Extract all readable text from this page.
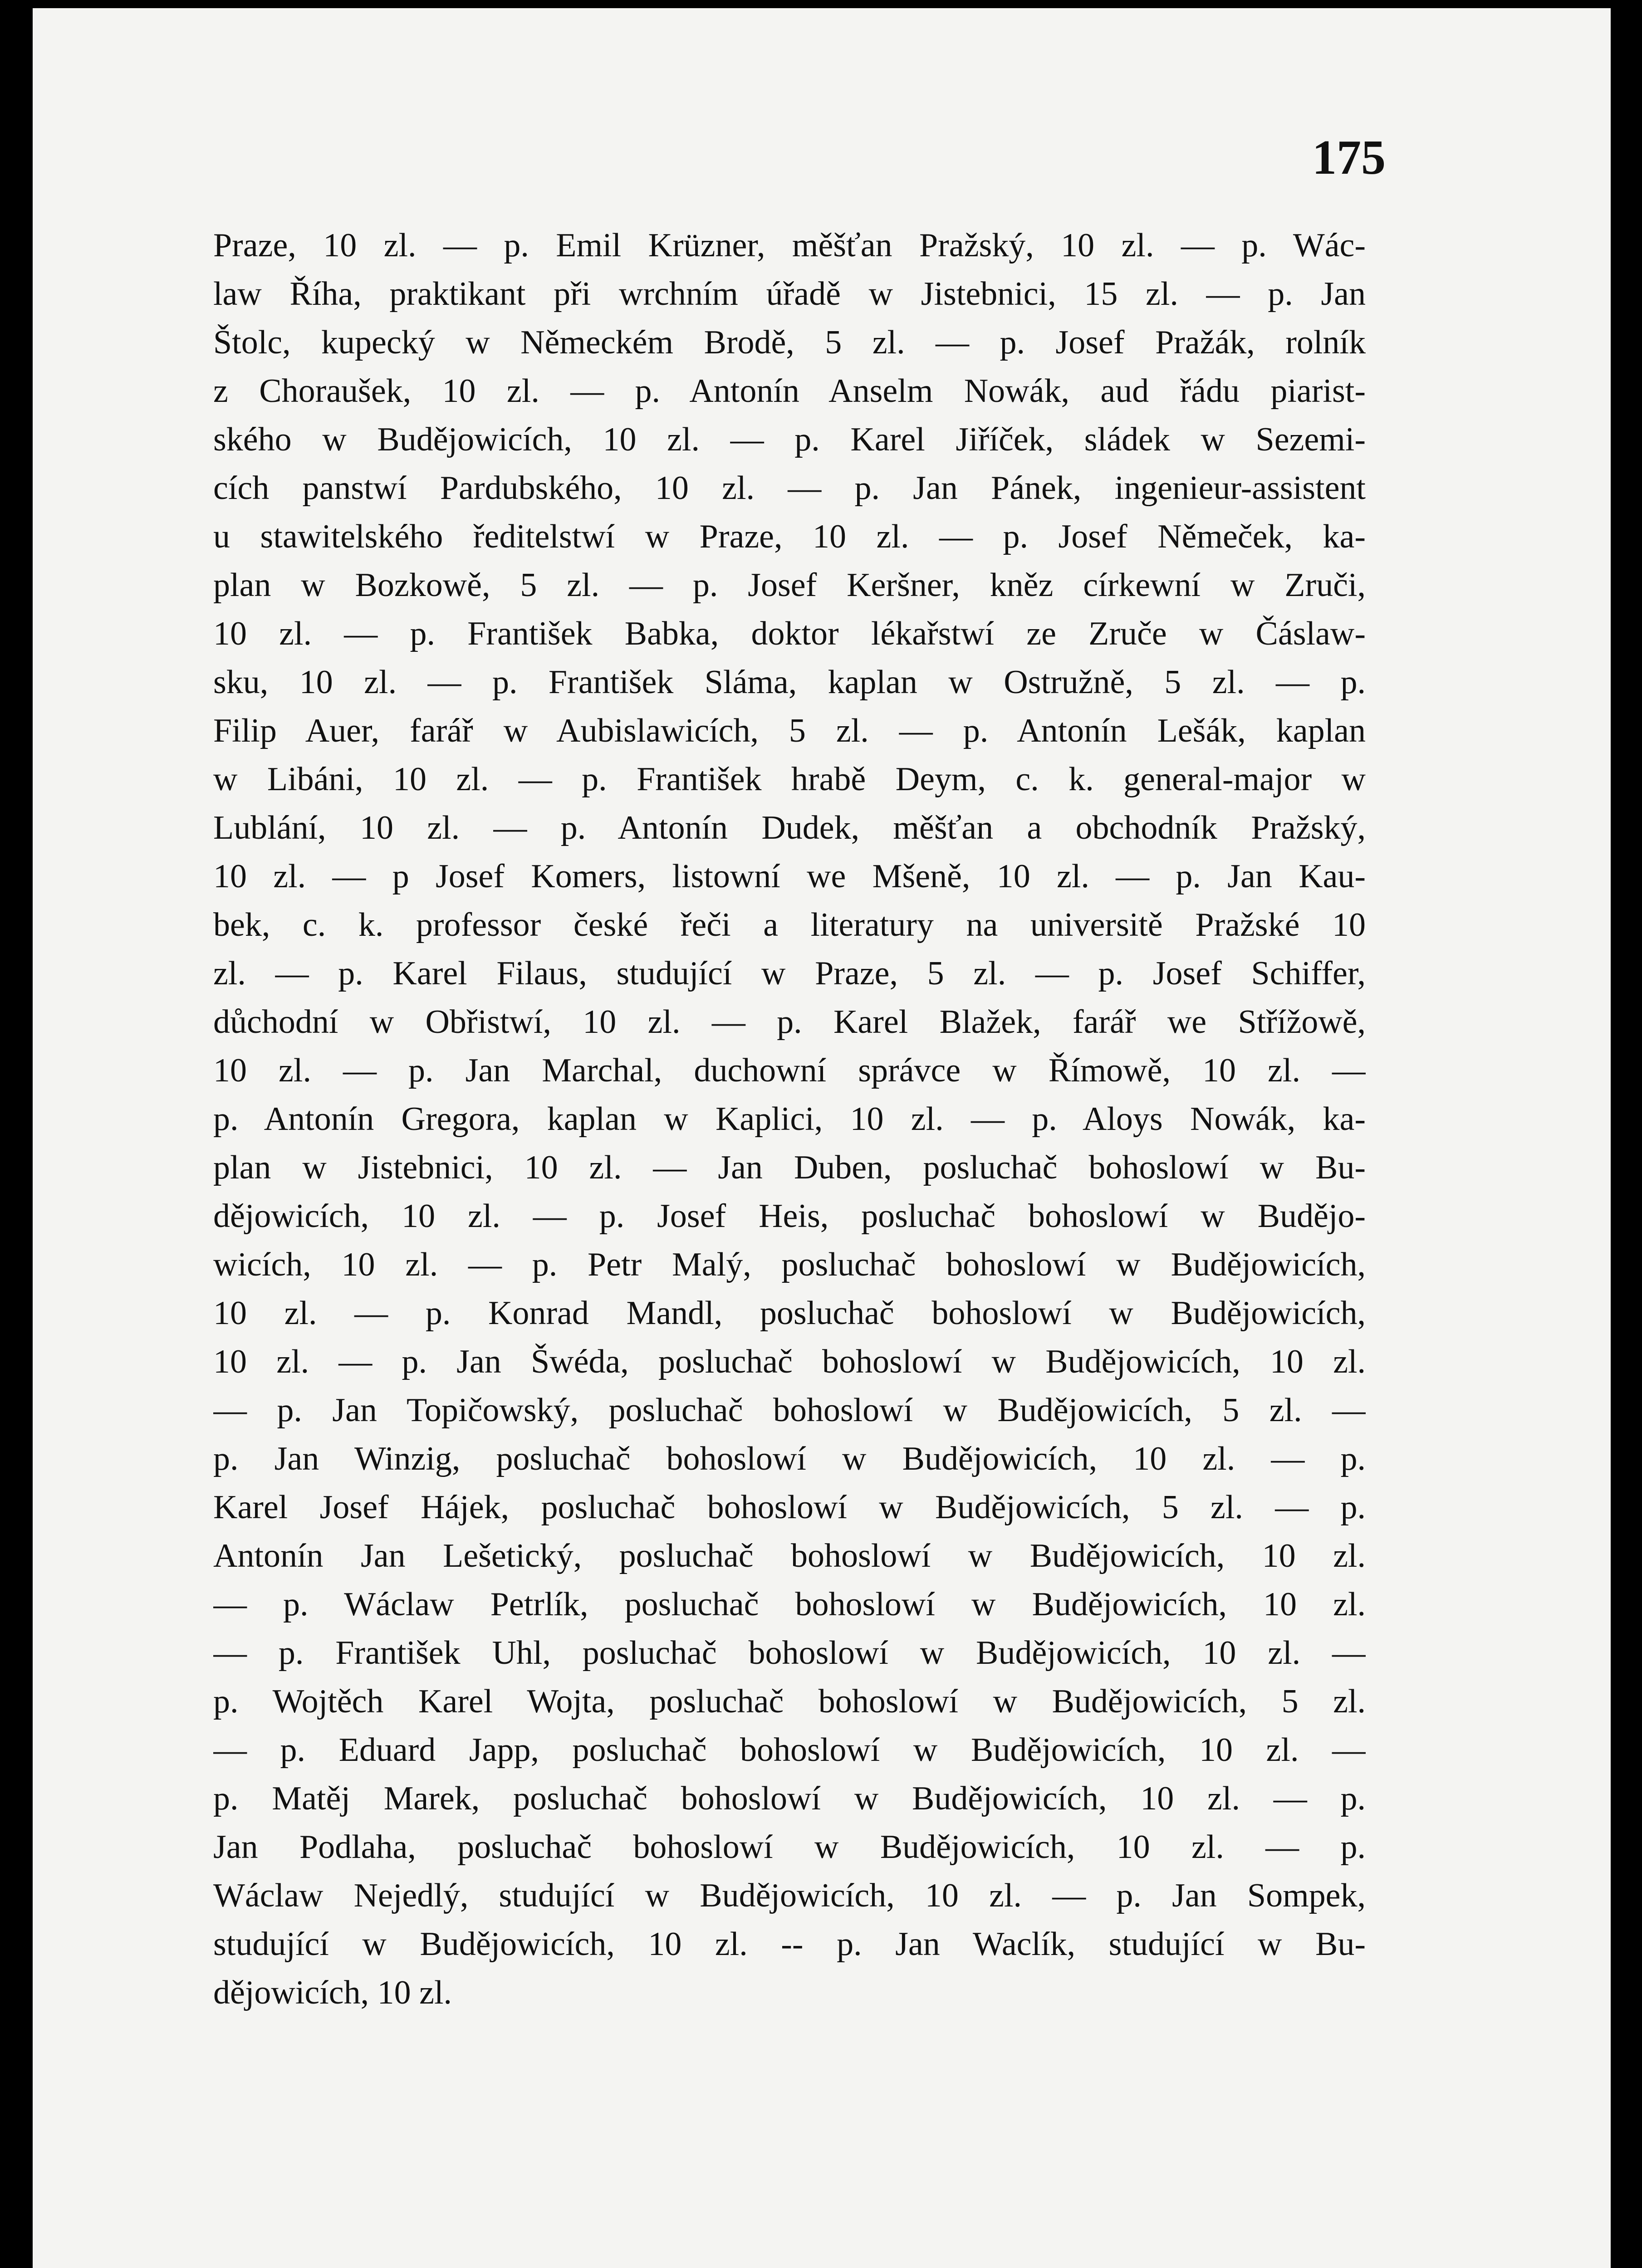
175
Praze, 10 zl. — p. Emil Krüzner, měšťan Pražský, 10 zl. — p. Wác-
law Říha, praktikant při wrchním úřadě w Jistebnici, 15 zl. — p. Jan
Štolc, kupecký w Německém Brodě, 5 zl. — p. Josef Pražák, rolník
z Choraušek, 10 zl. — p. Antonín Anselm Nowák, aud řádu piarist-
ského w Budějowicích, 10 zl. — p. Karel Jiříček, sládek w Sezemi-
cích panstwí Pardubského, 10 zl. — p. Jan Pánek, ingenieur-assistent
u stawitelského ředitelstwí w Praze, 10 zl. — p. Josef Němeček, ka-
plan w Bozkowě, 5 zl. — p. Josef Keršner, kněz církewní w Zruči,
10 zl. — p. František Babka, doktor lékařstwí ze Zruče w Čáslaw-
sku, 10 zl. — p. František Sláma, kaplan w Ostružně, 5 zl. — p.
Filip Auer, farář w Aubislawicích, 5 zl. — p. Antonín Lešák, kaplan
w Libáni, 10 zl. — p. František hrabě Deym, c. k. general-major w
Lublání, 10 zl. — p. Antonín Dudek, měšťan a obchodník Pražský,
10 zl. — p Josef Komers, listowní we Mšeně, 10 zl. — p. Jan Kau-
bek, c. k. professor české řeči a literatury na universitě Pražské 10
zl. — p. Karel Filaus, studující w Praze, 5 zl. — p. Josef Schiffer,
důchodní w Obřistwí, 10 zl. — p. Karel Blažek, farář we Střížowě,
10 zl. — p. Jan Marchal, duchowní správce w Římowě, 10 zl. —
p. Antonín Gregora, kaplan w Kaplici, 10 zl. — p. Aloys Nowák, ka-
plan w Jistebnici, 10 zl. — Jan Duben, posluchač bohoslowí w Bu-
dějowicích, 10 zl. — p. Josef Heis, posluchač bohoslowí w Budějo-
wicích, 10 zl. — p. Petr Malý, posluchač bohoslowí w Budějowicích,
10 zl. — p. Konrad Mandl, posluchač bohoslowí w Budějowicích,
10 zl. — p. Jan Šwéda, posluchač bohoslowí w Budějowicích, 10 zl.
— p. Jan Topičowský, posluchač bohoslowí w Budějowicích, 5 zl. —
p. Jan Winzig, posluchač bohoslowí w Budějowicích, 10 zl. — p.
Karel Josef Hájek, posluchač bohoslowí w Budějowicích, 5 zl. — p.
Antonín Jan Lešetický, posluchač bohoslowí w Budějowicích, 10 zl.
— p. Wáclaw Petrlík, posluchač bohoslowí w Budějowicích, 10 zl.
— p. František Uhl, posluchač bohoslowí w Budějowicích, 10 zl. —
p. Wojtěch Karel Wojta, posluchač bohoslowí w Budějowicích, 5 zl.
— p. Eduard Japp, posluchač bohoslowí w Budějowicích, 10 zl. —
p. Matěj Marek, posluchač bohoslowí w Budějowicích, 10 zl. — p.
Jan Podlaha, posluchač bohoslowí w Budějowicích, 10 zl. — p.
Wáclaw Nejedlý, studující w Budějowicích, 10 zl. — p. Jan Sompek,
studující w Budějowicích, 10 zl. -- p. Jan Waclík, studující w Bu-
dějowicích, 10 zl.
